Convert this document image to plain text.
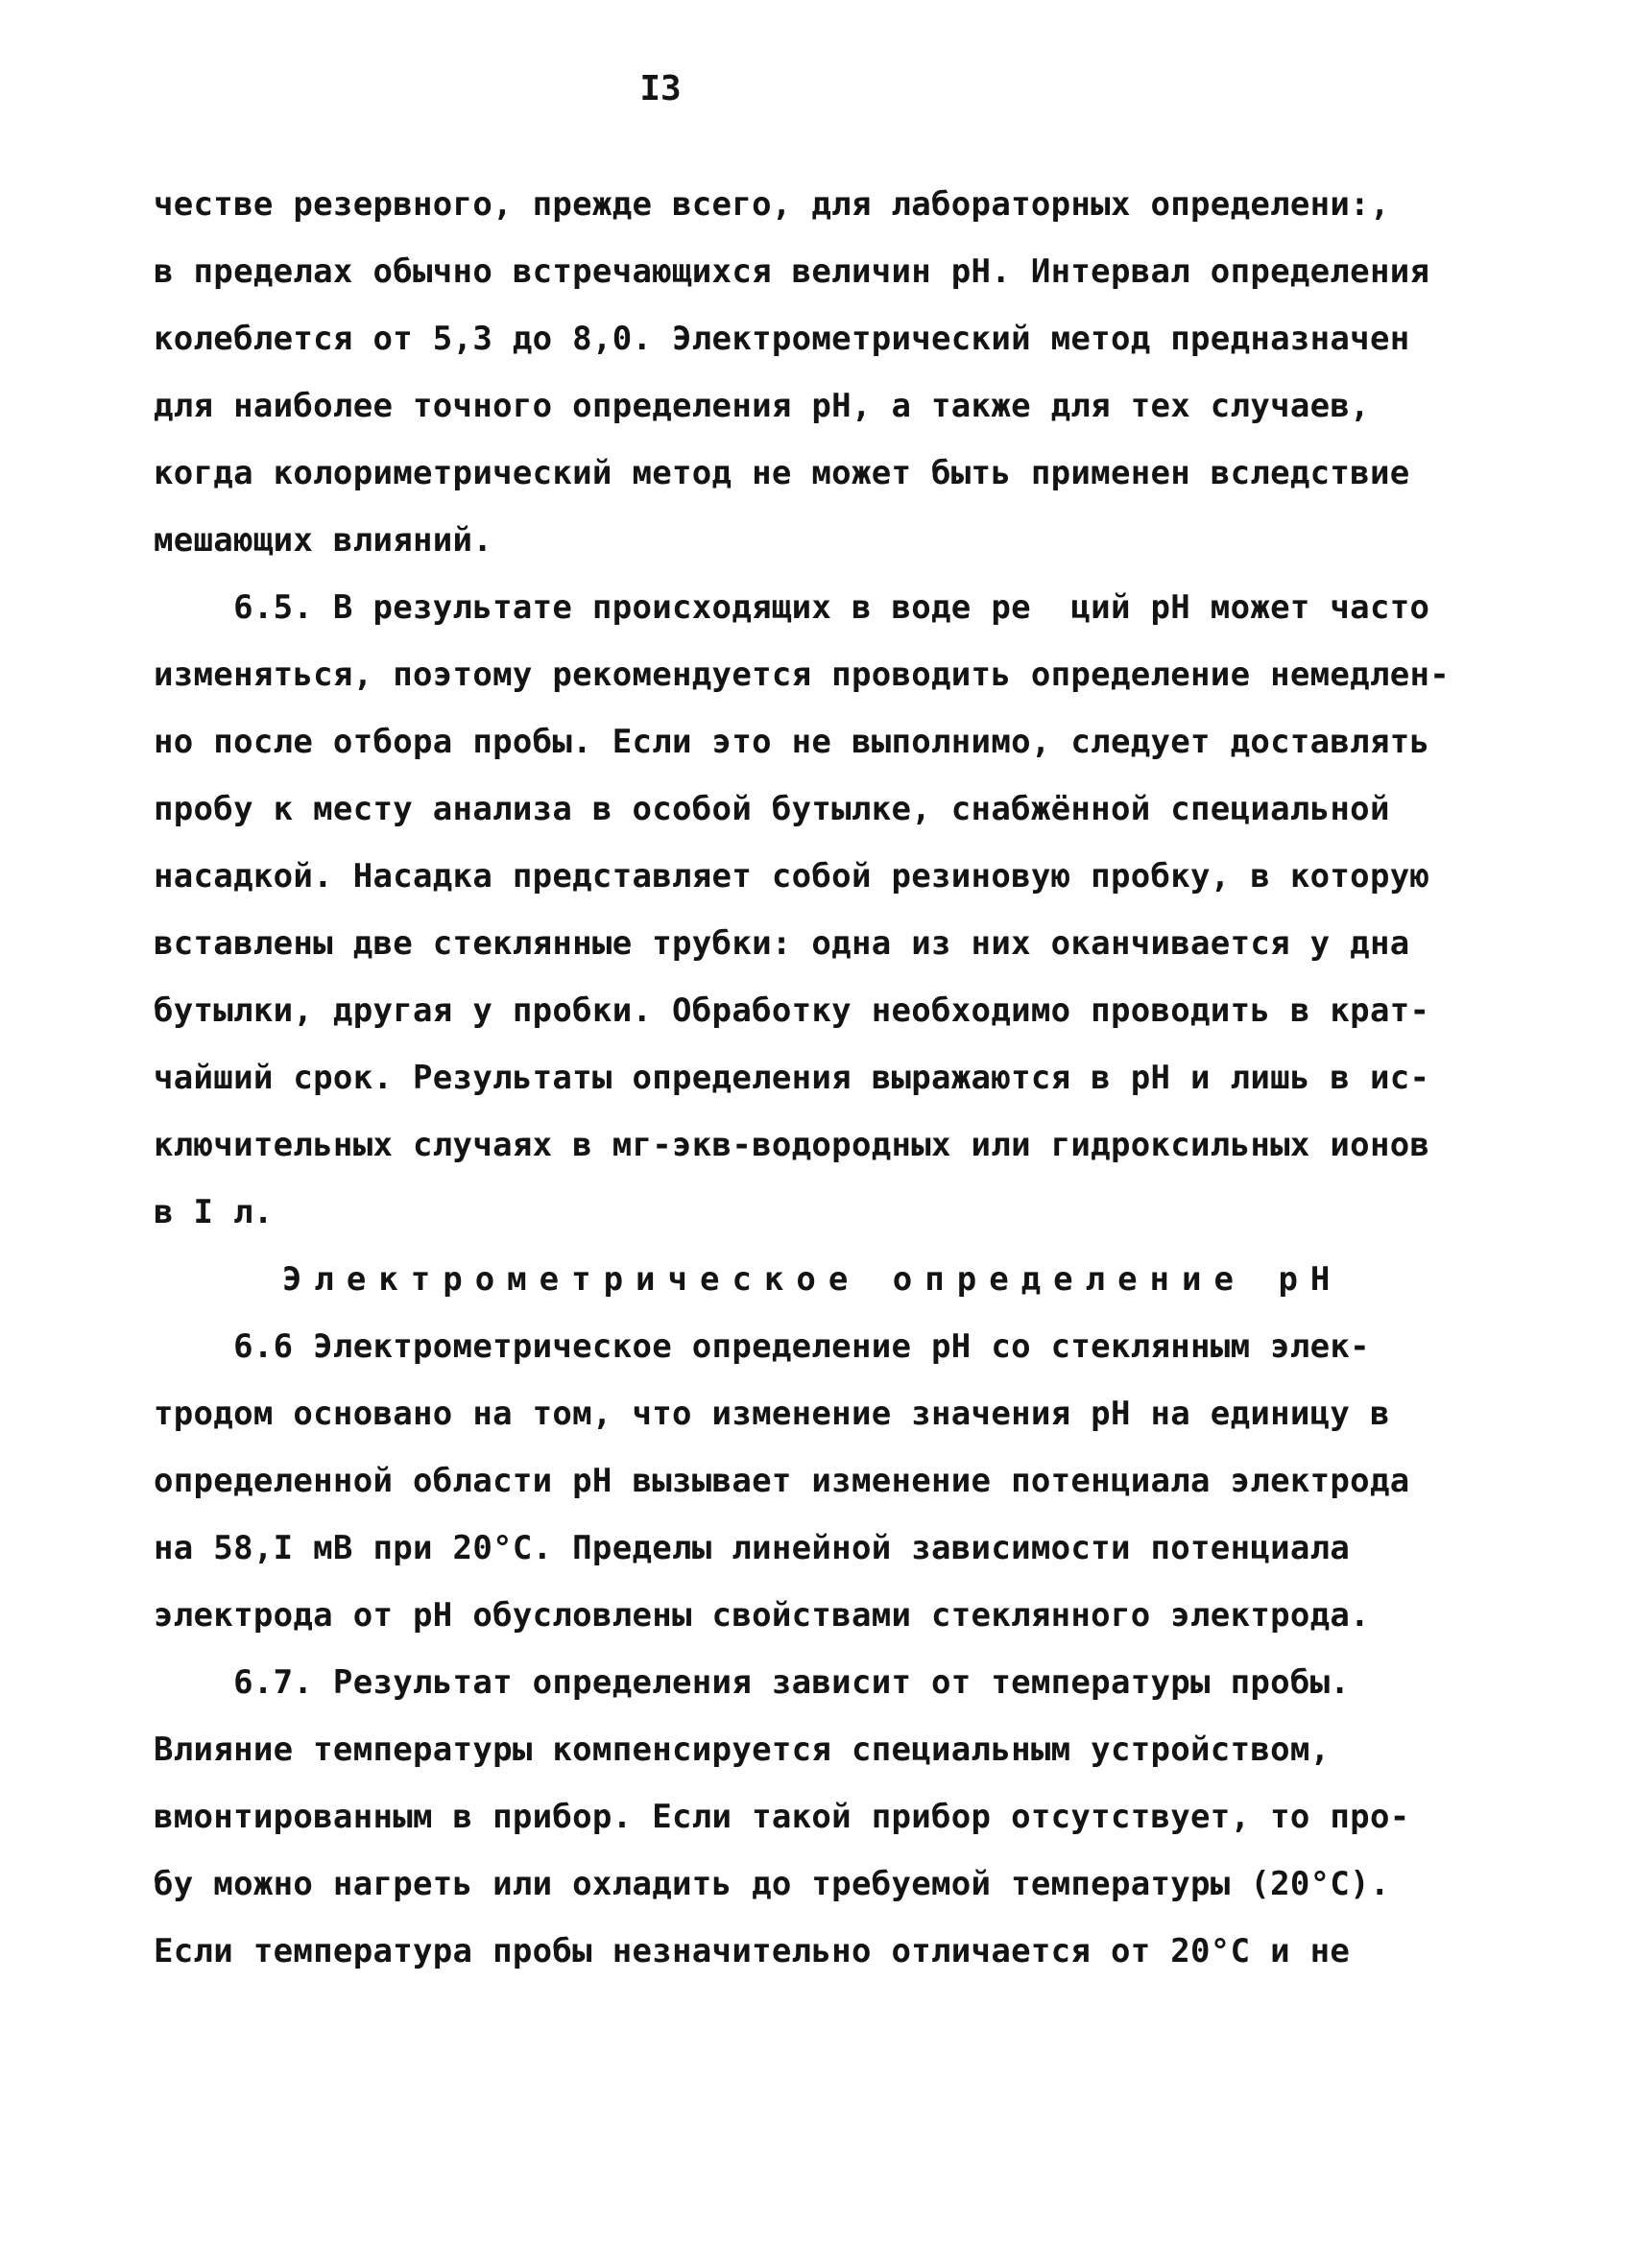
I3
честве резервного, прежде всего, для лабораторных определени:,
в пределах обычно встречающихся величин рН. Интервал определения
колеблется от 5,3 до 8,0. Электрометрический метод предназначен
для наиболее точного определения рН, а также для тех случаев,
когда колориметрический метод не может быть применен вследствие
мешающих влияний.
6.5. В результате происходящих в воде ре  ций рН может часто
изменяться, поэтому рекомендуется проводить определение немедлен-
но после отбора пробы. Если это не выполнимо, следует доставлять
пробу к месту анализа в особой бутылке, снабжённой специальной
насадкой. Насадка представляет собой резиновую пробку, в которую
вставлены две стеклянные трубки: одна из них оканчивается у дна
бутылки, другая у пробки. Обработку необходимо проводить в крат-
чайший срок. Результаты определения выражаются в рН и лишь в ис-
ключительных случаях в мг-экв-водородных или гидроксильных ионов
в I л.
Электрометрическое определение рН
6.6 Электрометрическое определение рН со стеклянным элек-
тродом основано на том, что изменение значения рН на единицу в
определенной области рН вызывает изменение потенциала электрода
на 58,I мВ при 20°С. Пределы линейной зависимости потенциала
электрода от рН обусловлены свойствами стеклянного электрода.
6.7. Результат определения зависит от температуры пробы.
Влияние температуры компенсируется специальным устройством,
вмонтированным в прибор. Если такой прибор отсутствует, то про-
бу можно нагреть или охладить до требуемой температуры (20°С).
Если температура пробы незначительно отличается от 20°С и не
